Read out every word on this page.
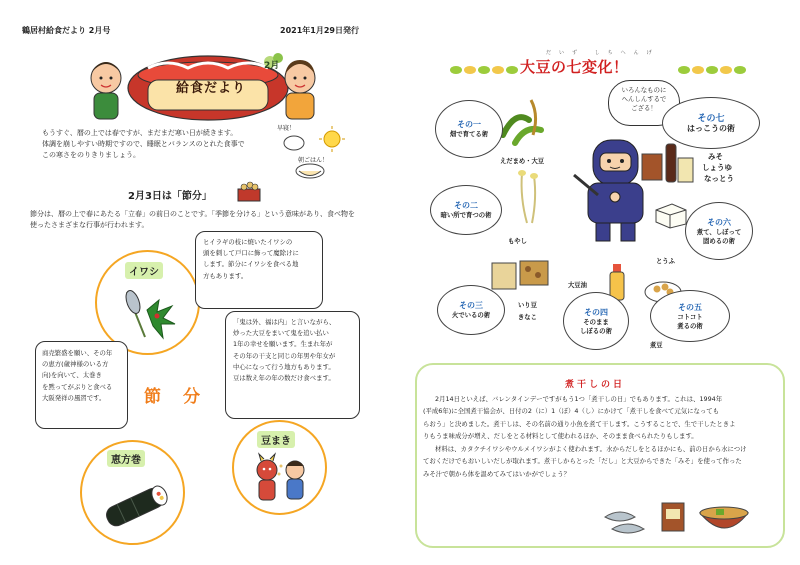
鶴居村給食だより 2月号	2021年1月29日発行
給食だより
2月
もうすぐ、暦の上では春ですが、まだまだ寒い日が続きます。
体調を崩しやすい時期ですので、睡眠とバランスのとれた食事で
この寒さをのりきりましょう。
早寝！
朝ごはん！
2月3日は「節分」
節分は、暦の上で春にあたる「立春」の前日のことです。「季節を分ける」という意味があり、食べ物を
使ったさまざまな行事が行われます。
イワシ
恵方巻
豆まき
節分
ヒイラギの枝に焼いたイワシの
頭を刺して戸口に飾って魔除けに
します。節分にイワシを食べる地
方もあります。
商売繁盛を願い、その年
の恵方(歳神様のいる方
向)を向いて、太巻き
を黙ってがぶりと食べる
大阪発祥の風習です。
「鬼は外、福は内」と言いながら、
炒った大豆をまいて鬼を追い払い
1年の幸せを願います。生まれ年が
その年の干支と同じの年男や年女が
中心になって行う地方もあります。
豆は数え年の年の数だけ食べます。
だいず しちへんげ
大豆の七変化！
いろんなものに
へんしんするで
ござる！
その一
畑で育てる術
その二
暗い所で育つの術
その三
火でいるの術	その四
そのまま
しぼるの術
その五
コトコト
煮るの術
その六
煮て、しぼって
固めるの術
その七
はっこうの術
えだまめ・大豆
もやし
いり豆
きなこ
大豆油
煮豆
とうふ
みそ
しょうゆ
なっとう
煮干しの日

2月14日といえば、バレンタインデーですがもう1つ「煮干しの日」でもあります。これは、1994年
(平成6年)に全国煮干協会が、日付の2（に）1（ぼ）4（し）にかけて「煮干しを食べて元気になっても
らおう」と決めました。煮干しは、その名前の通り小魚を煮て干します。こうすることで、生で干したときよ
りもうま味成分が増え、だしをとる材料として使われるほか、そのまま食べられたりもします。

材料は、カタクチイワシやウルメイワシがよく使われます。水からだしをとるほかにも、前の日から水につけ
ておくだけでもおいしいだしが取れます。煮干しからとった「だし」と大豆からできた「みそ」を使って作った
みそ汁で朝から体を温めてみてはいかがでしょう？
